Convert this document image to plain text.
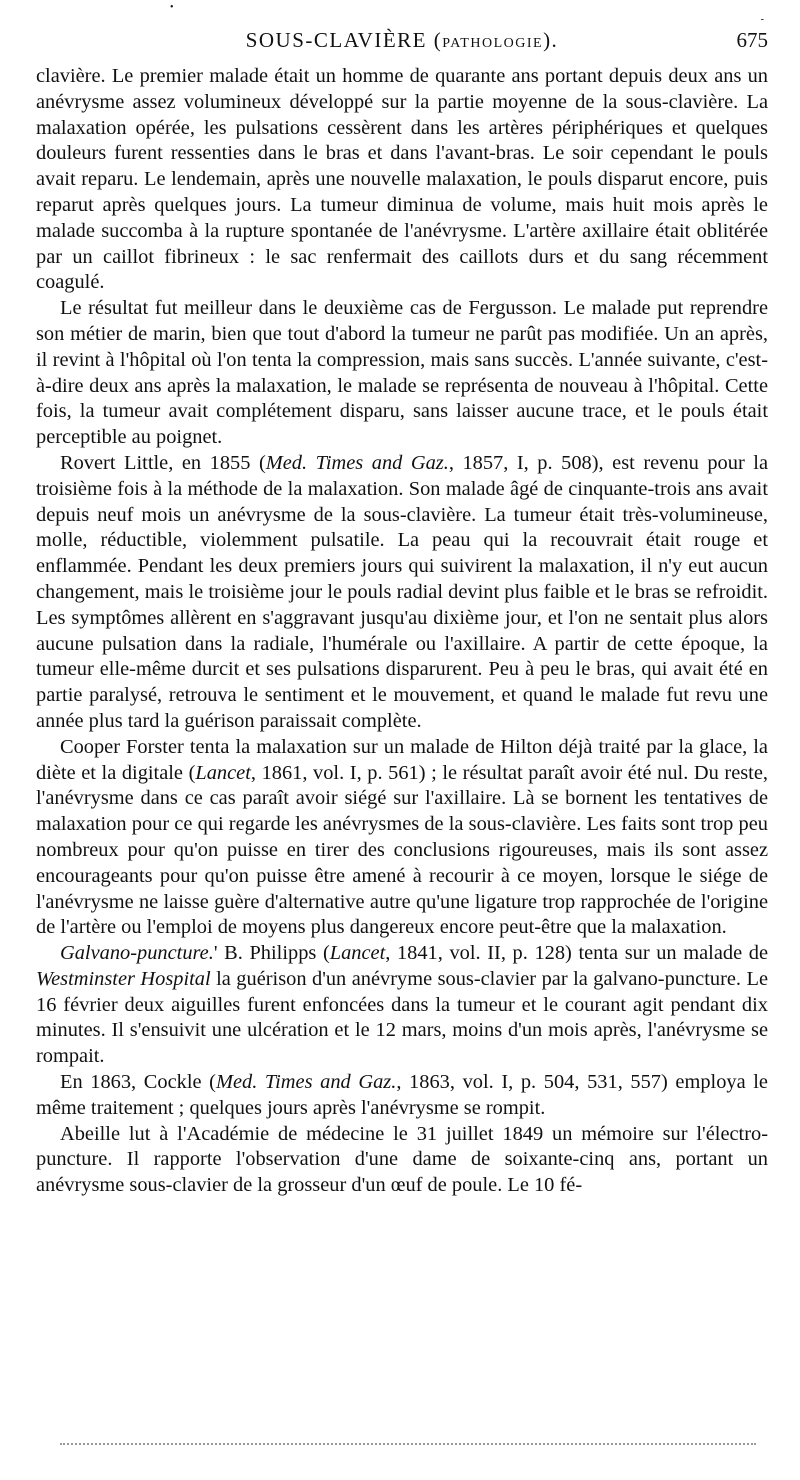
•
-
SOUS-CLAVIÈRE (PATHOLOGIE).	675

clavière. Le premier malade était un homme de quarante ans portant depuis deux ans un anévrysme assez volumineux développé sur la partie moyenne de la sous-clavière. La malaxation opérée, les pulsations cessèrent dans les artères périphériques et quelques douleurs furent ressenties dans le bras et dans l'avant-bras. Le soir cependant le pouls avait reparu. Le lendemain, après une nouvelle malaxation, le pouls disparut encore, puis reparut après quelques jours. La tumeur diminua de volume, mais huit mois après le malade succomba à la rupture spontanée de l'anévrysme. L'artère axillaire était oblitérée par un caillot fibrineux : le sac renfermait des caillots durs et du sang récemment coagulé.

Le résultat fut meilleur dans le deuxième cas de Fergusson. Le malade put reprendre son métier de marin, bien que tout d'abord la tumeur ne parût pas modifiée. Un an après, il revint à l'hôpital où l'on tenta la compression, mais sans succès. L'année suivante, c'est-à-dire deux ans après la malaxation, le malade se représenta de nouveau à l'hôpital. Cette fois, la tumeur avait complétement disparu, sans laisser aucune trace, et le pouls était perceptible au poignet.

Rovert Little, en 1855 (Med. Times and Gaz., 1857, I, p. 508), est revenu pour la troisième fois à la méthode de la malaxation. Son malade âgé de cinquante-trois ans avait depuis neuf mois un anévrysme de la sous-clavière. La tumeur était très-volumineuse, molle, réductible, violemment pulsatile. La peau qui la recouvrait était rouge et enflammée. Pendant les deux premiers jours qui suivirent la malaxation, il n'y eut aucun changement, mais le troisième jour le pouls radial devint plus faible et le bras se refroidit. Les symptômes allèrent en s'aggravant jusqu'au dixième jour, et l'on ne sentait plus alors aucune pulsation dans la radiale, l'humérale ou l'axillaire. A partir de cette époque, la tumeur elle-même durcit et ses pulsations disparurent. Peu à peu le bras, qui avait été en partie paralysé, retrouva le sentiment et le mouvement, et quand le malade fut revu une année plus tard la guérison paraissait complète.

Cooper Forster tenta la malaxation sur un malade de Hilton déjà traité par la glace, la diète et la digitale (Lancet, 1861, vol. I, p. 561) ; le résultat paraît avoir été nul. Du reste, l'anévrysme dans ce cas paraît avoir siégé sur l'axillaire. Là se bornent les tentatives de malaxation pour ce qui regarde les anévrysmes de la sous-clavière. Les faits sont trop peu nombreux pour qu'on puisse en tirer des conclusions rigoureuses, mais ils sont assez encourageants pour qu'on puisse être amené à recourir à ce moyen, lorsque le siége de l'anévrysme ne laisse guère d'alternative autre qu'une ligature trop rapprochée de l'origine de l'artère ou l'emploi de moyens plus dangereux encore peut-être que la malaxation.

Galvano-puncture.' B. Philipps (Lancet, 1841, vol. II, p. 128) tenta sur un malade de Westminster Hospital la guérison d'un anévryme sous-clavier par la galvano-puncture. Le 16 février deux aiguilles furent enfoncées dans la tumeur et le courant agit pendant dix minutes. Il s'ensuivit une ulcération et le 12 mars, moins d'un mois après, l'anévrysme se rompait.

En 1863, Cockle (Med. Times and Gaz., 1863, vol. I, p. 504, 531, 557) employa le même traitement ; quelques jours après l'anévrysme se rompit.

Abeille lut à l'Académie de médecine le 31 juillet 1849 un mémoire sur l'électro-puncture. Il rapporte l'observation d'une dame de soixante-cinq ans, portant un anévrysme sous-clavier de la grosseur d'un œuf de poule. Le 10 fé-
